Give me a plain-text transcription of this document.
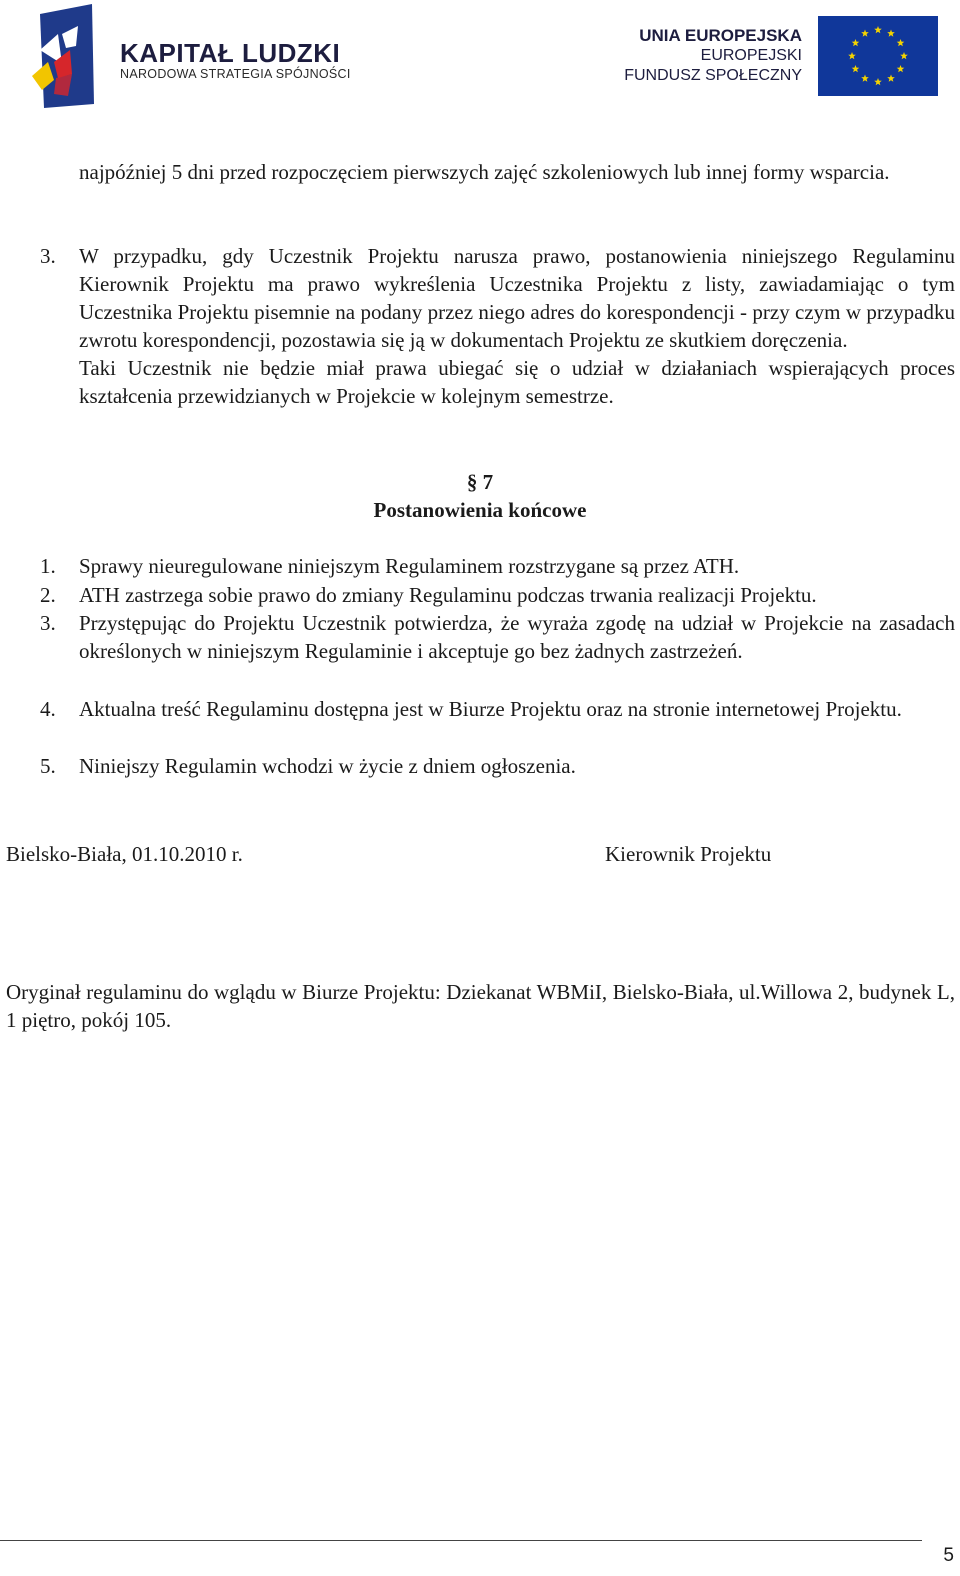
KAPITAŁ LUDZKI
NARODOWA STRATEGIA SPÓJNOŚCI
UNIA EUROPEJSKA
EUROPEJSKI
FUNDUSZ SPOŁECZNY
najpóźniej 5 dni przed rozpoczęciem pierwszych zajęć szkoleniowych lub innej formy wsparcia.
3. W przypadku, gdy Uczestnik Projektu narusza prawo, postanowienia niniejszego Regulaminu Kierownik Projektu ma prawo wykreślenia Uczestnika Projektu z listy, zawiadamiając o tym Uczestnika Projektu pisemnie na podany przez niego adres do korespondencji - przy czym w przypadku zwrotu korespondencji, pozostawia się ją w dokumentach Projektu ze skutkiem doręczenia.
Taki Uczestnik nie będzie miał prawa ubiegać się o udział w działaniach wspierających proces kształcenia przewidzianych w Projekcie w kolejnym semestrze.
§ 7
Postanowienia końcowe
1. Sprawy nieuregulowane niniejszym Regulaminem rozstrzygane są przez ATH.
2. ATH zastrzega sobie prawo do zmiany Regulaminu podczas trwania realizacji Projektu.
3. Przystępując do Projektu Uczestnik potwierdza, że wyraża zgodę na udział w Projekcie na zasadach określonych w niniejszym Regulaminie i akceptuje go bez żadnych zastrzeżeń.
4. Aktualna treść Regulaminu dostępna jest w Biurze Projektu oraz na stronie internetowej Projektu.
5. Niniejszy Regulamin wchodzi w życie z dniem ogłoszenia.
Bielsko-Biała, 01.10.2010 r.	Kierownik Projektu
Oryginał regulaminu do wglądu w Biurze Projektu: Dziekanat WBMiI, Bielsko-Biała, ul.Willowa 2, budynek L, 1 piętro, pokój 105.
5
